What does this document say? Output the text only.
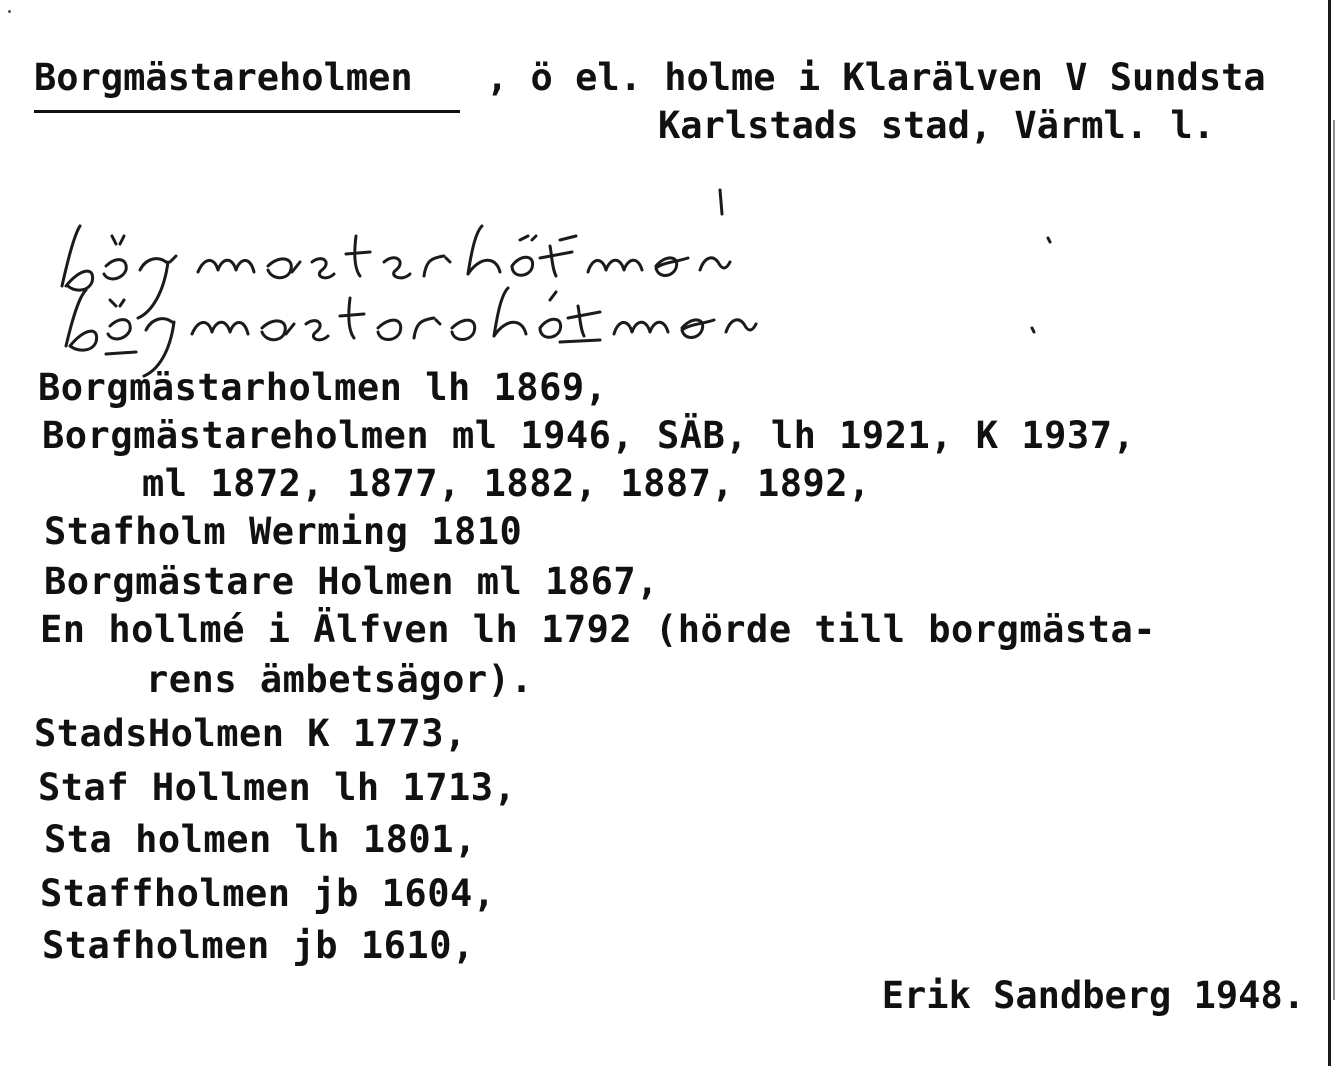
Borgmästareholmen , ö el. holme i Klarälven V Sundsta
Karlstads stad, Värml. l.
Borgmästarholmen lh 1869,
Borgmästareholmen ml 1946, SÄB, lh 1921, K 1937,
ml 1872, 1877, 1882, 1887, 1892,
Stafholm Werming 1810
Borgmästare Holmen ml 1867,
En hollmé i Älfven lh 1792 (hörde till borgmästa-
rens ämbetsägor).
StadsHolmen K 1773,
Staf Hollmen lh 1713,
Sta holmen lh 1801,
Staffholmen jb 1604,
Stafholmen jb 1610,
Erik Sandberg 1948.
